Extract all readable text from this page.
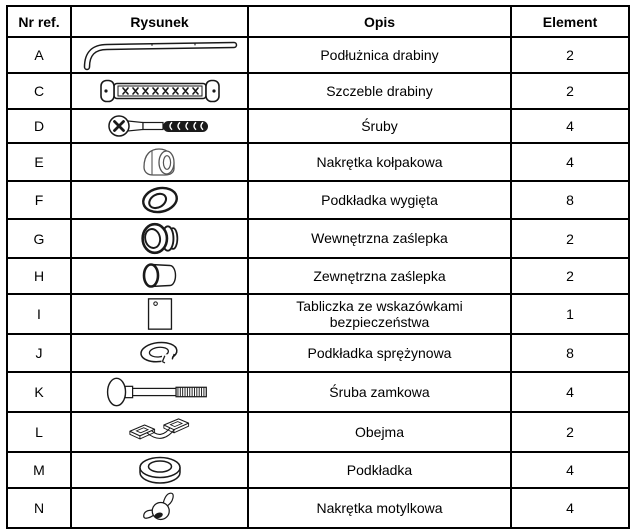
Nr ref.	Rysunek	Opis	Element
A		Podłużnica drabiny	2
C		Szczeble drabiny	2
D		Śruby	4
E		Nakrętka kołpakowa	4
F		Podkładka wygięta	8
G		Wewnętrzna zaślepka	2
H		Zewnętrzna zaślepka	2
I		Tabliczka ze wskazówkami bezpieczeństwa	1
J		Podkładka sprężynowa	8
K		Śruba zamkowa	4
L		Obejma	2
M		Podkładka	4
N		Nakrętka motylkowa	4
